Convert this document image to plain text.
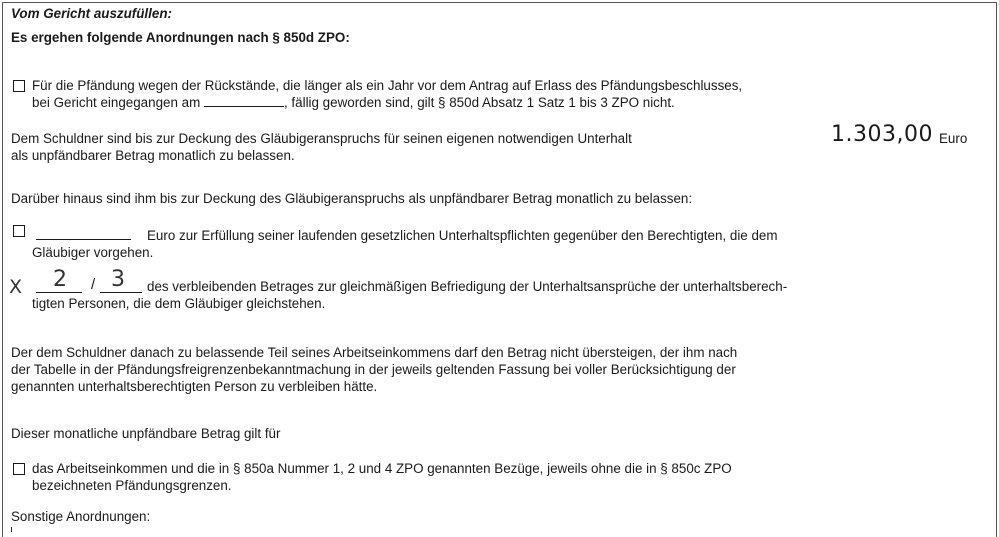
Vom Gericht auszufüllen:
Es ergehen folgende Anordnungen nach § 850d ZPO:
Für die Pfändung wegen der Rückstände, die länger als ein Jahr vor dem Antrag auf Erlass des Pfändungsbeschlusses,
bei Gericht eingegangen am	, fällig geworden sind, gilt § 850d Absatz 1 Satz 1 bis 3 ZPO nicht.
Dem Schuldner sind bis zur Deckung des Gläubigeranspruchs für seinen eigenen notwendigen Unterhalt	1.303,00 Euro
als unpfändbarer Betrag monatlich zu belassen.
Darüber hinaus sind ihm bis zur Deckung des Gläubigeranspruchs als unpfändbarer Betrag monatlich zu belassen:
Euro zur Erfüllung seiner laufenden gesetzlichen Unterhaltspflichten gegenüber den Berechtigten, die dem
Gläubiger vorgehen.
X 2 / 3 des verbleibenden Betrages zur gleichmäßigen Befriedigung der Unterhaltsansprüche der unterhaltsberech-
tigten Personen, die dem Gläubiger gleichstehen.
Der dem Schuldner danach zu belassende Teil seines Arbeitseinkommens darf den Betrag nicht übersteigen, der ihm nach
der Tabelle in der Pfändungsfreigrenzenbekanntmachung in der jeweils geltenden Fassung bei voller Berücksichtigung der
genannten unterhaltsberechtigten Person zu verbleiben hätte.
Dieser monatliche unpfändbare Betrag gilt für
das Arbeitseinkommen und die in § 850a Nummer 1, 2 und 4 ZPO genannten Bezüge, jeweils ohne die in § 850c ZPO
bezeichneten Pfändungsgrenzen.
Sonstige Anordnungen:
